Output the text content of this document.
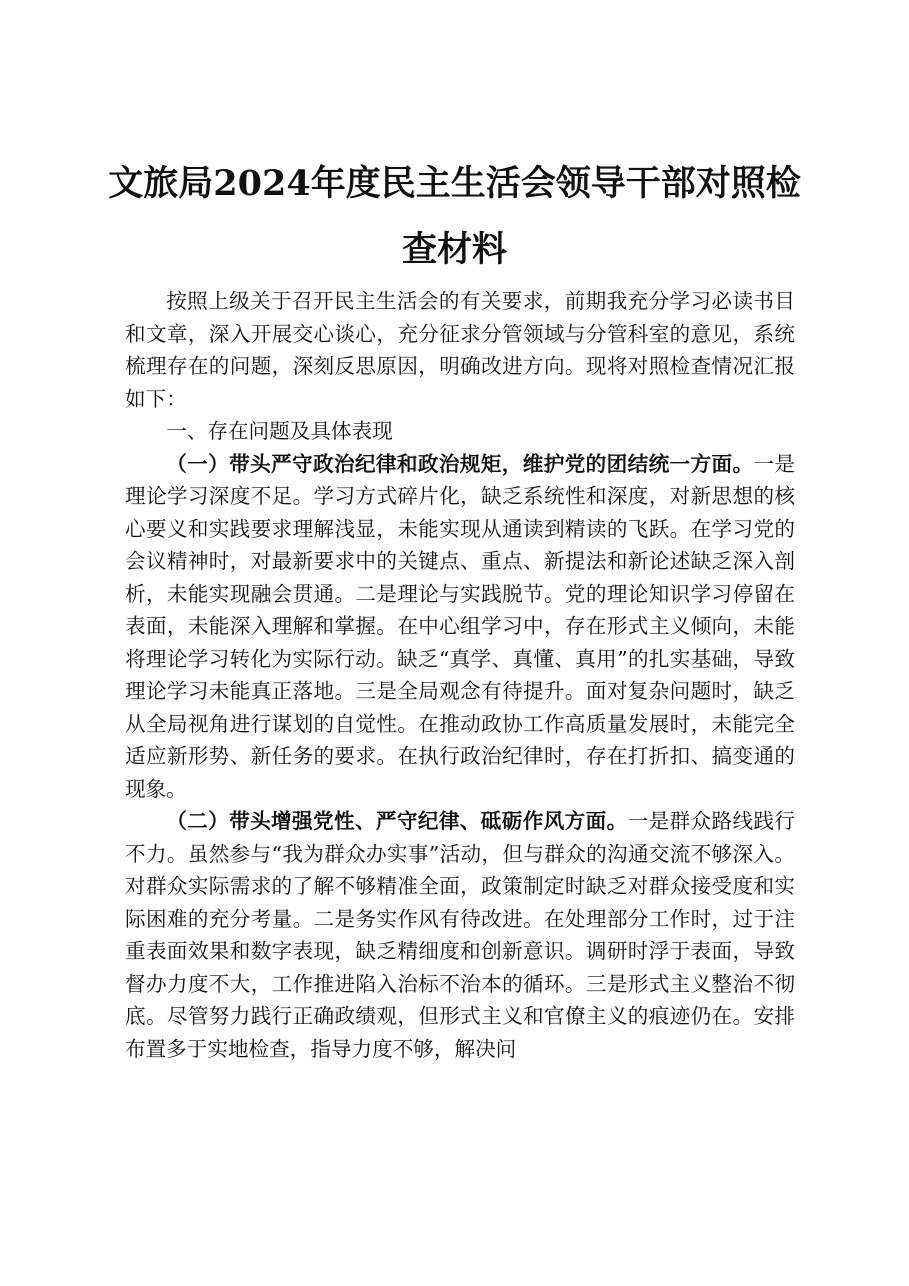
文旅局2024年度民主生活会领导干部对照检
查材料

按照上级关于召开民主生活会的有关要求，前期我充分学习必读书目和文章，深入开展交心谈心，充分征求分管领域与分管科室的意见，系统梳理存在的问题，深刻反思原因，明确改进方向。现将对照检查情况汇报如下：

一、存在问题及具体表现

（一）带头严守政治纪律和政治规矩，维护党的团结统一方面。一是理论学习深度不足。学习方式碎片化，缺乏系统性和深度，对新思想的核心要义和实践要求理解浅显，未能实现从通读到精读的飞跃。在学习党的会议精神时，对最新要求中的关键点、重点、新提法和新论述缺乏深入剖析，未能实现融会贯通。二是理论与实践脱节。党的理论知识学习停留在表面，未能深入理解和掌握。在中心组学习中，存在形式主义倾向，未能将理论学习转化为实际行动。缺乏“真学、真懂、真用”的扎实基础，导致理论学习未能真正落地。三是全局观念有待提升。面对复杂问题时，缺乏从全局视角进行谋划的自觉性。在推动政协工作高质量发展时，未能完全适应新形势、新任务的要求。在执行政治纪律时，存在打折扣、搞变通的现象。

（二）带头增强党性、严守纪律、砥砺作风方面。一是群众路线践行不力。虽然参与“我为群众办实事”活动，但与群众的沟通交流不够深入。对群众实际需求的了解不够精准全面，政策制定时缺乏对群众接受度和实际困难的充分考量。二是务实作风有待改进。在处理部分工作时，过于注重表面效果和数字表现，缺乏精细度和创新意识。调研时浮于表面，导致督办力度不大，工作推进陷入治标不治本的循环。三是形式主义整治不彻底。尽管努力践行正确政绩观，但形式主义和官僚主义的痕迹仍在。安排布置多于实地检查，指导力度不够，解决问
